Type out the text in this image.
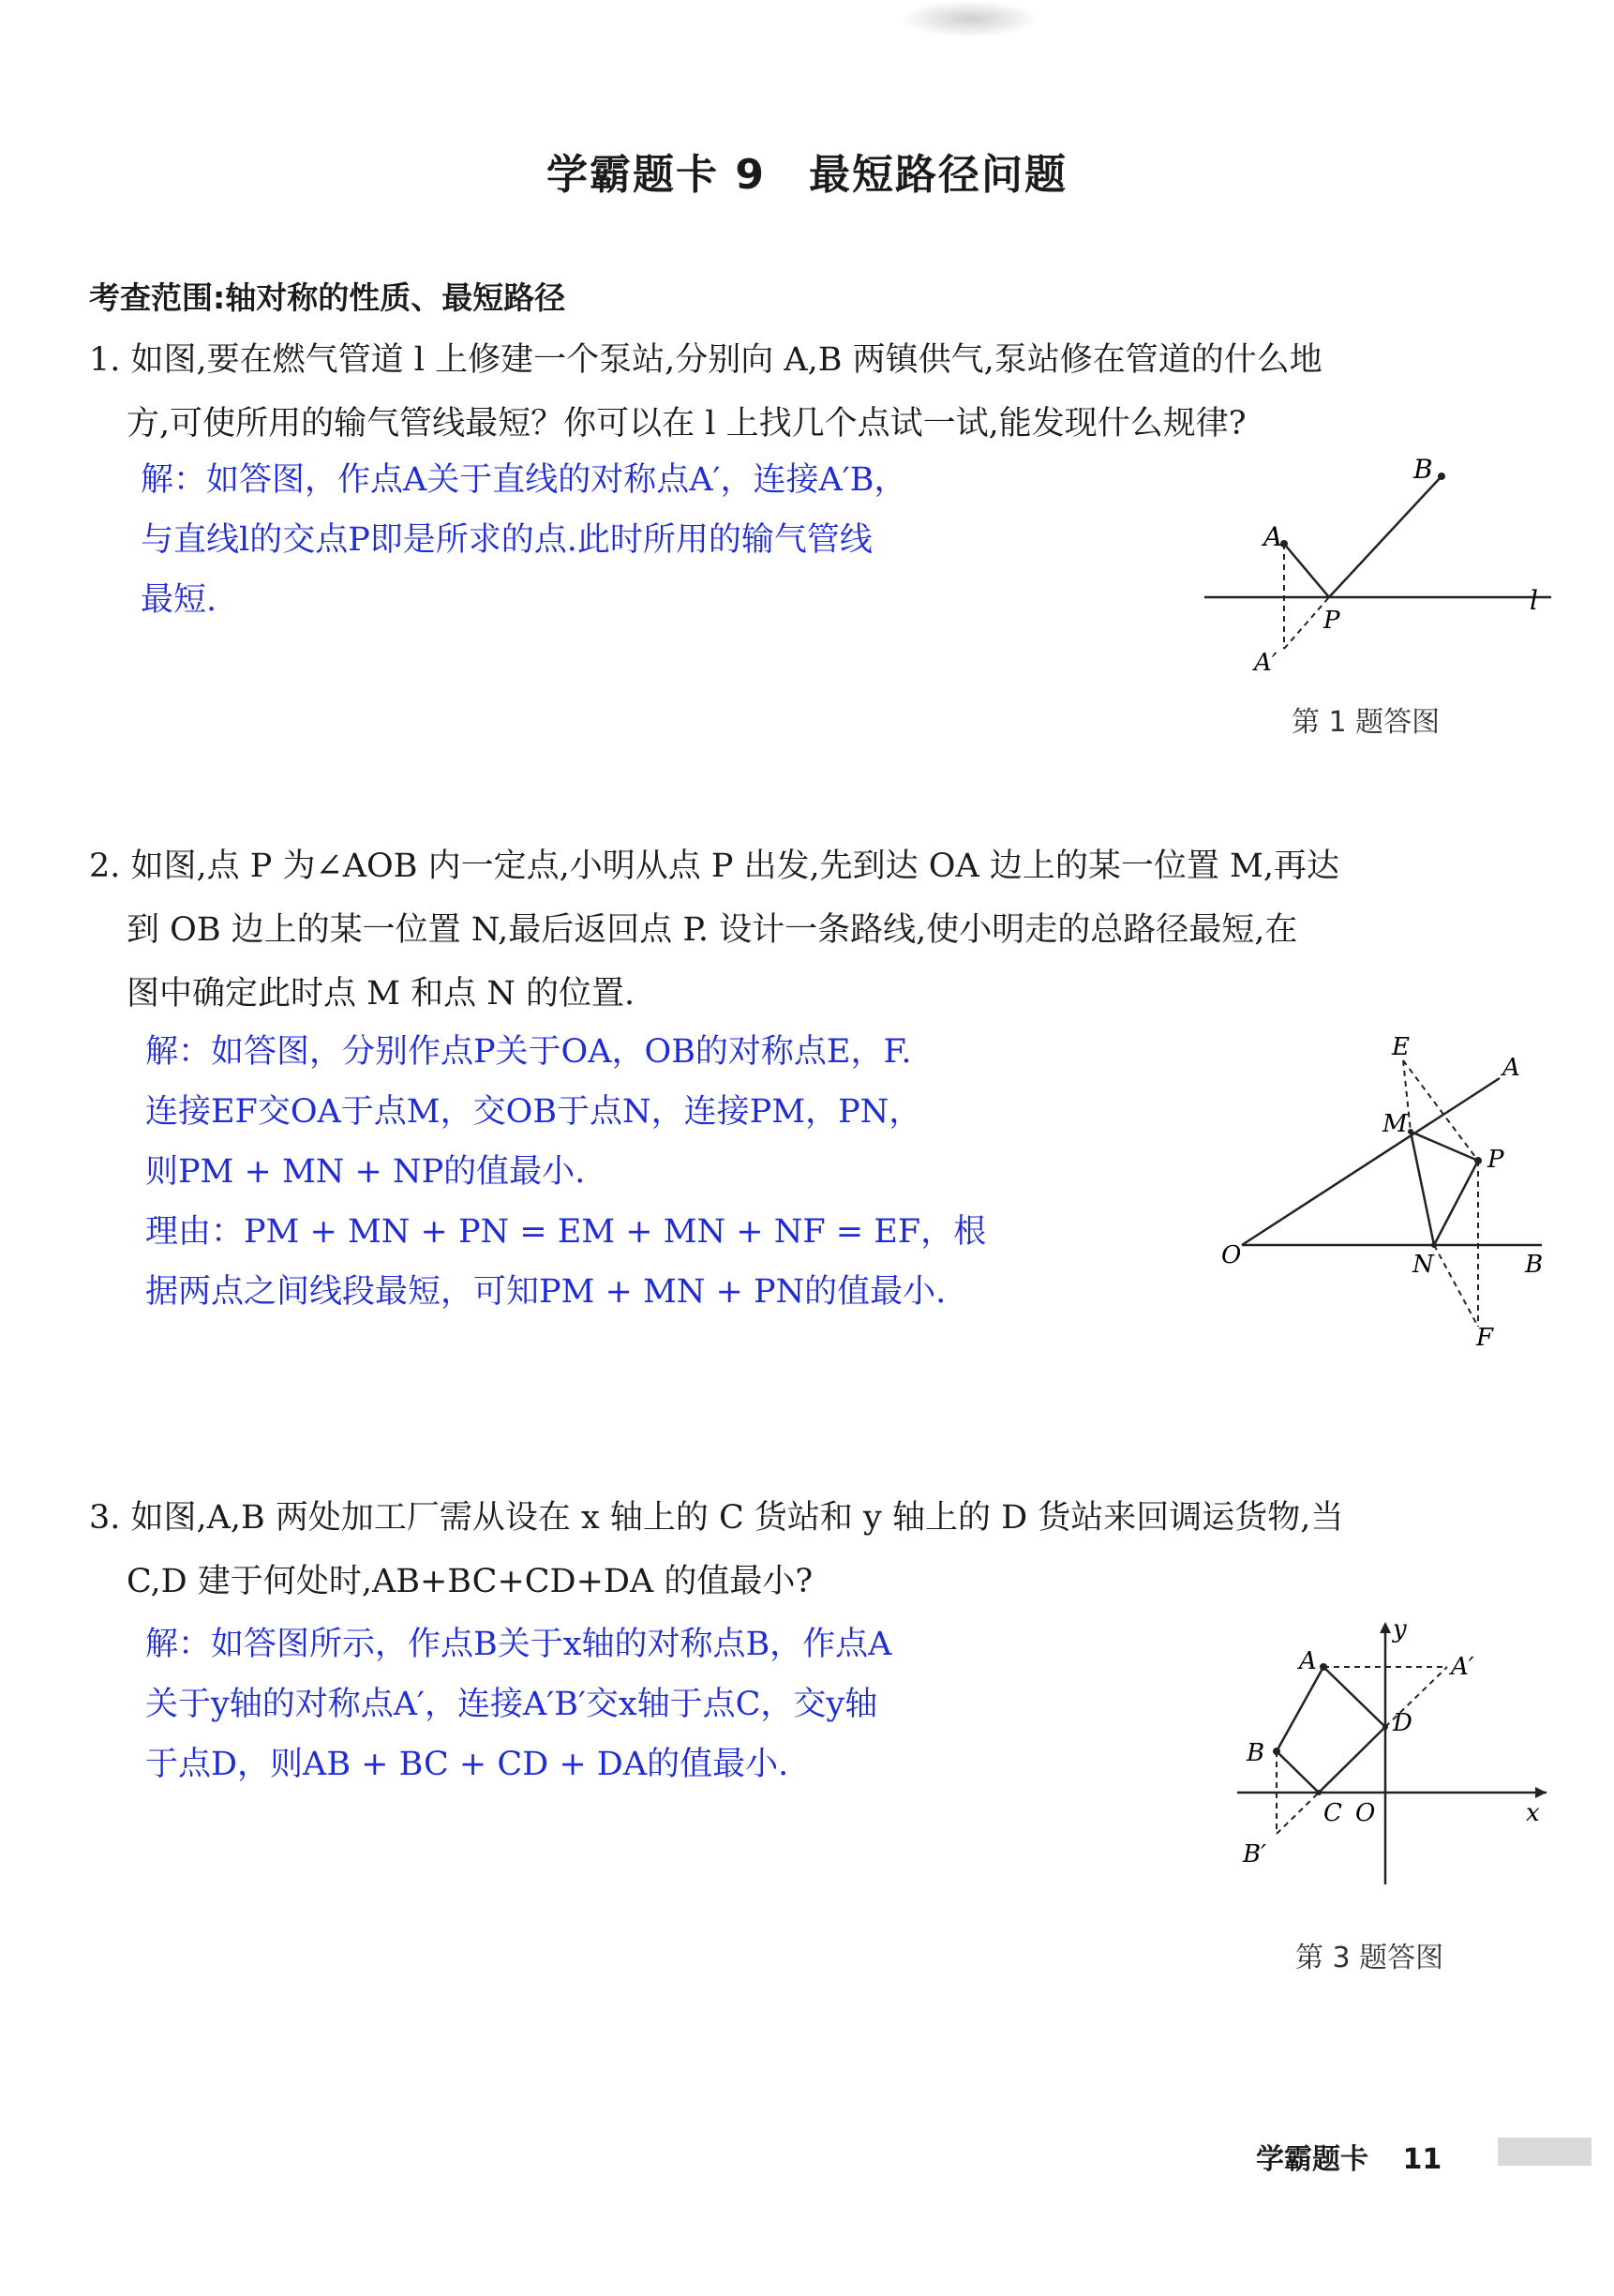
学霸题卡 9　最短路径问题
考查范围:轴对称的性质、最短路径
1. 如图,要在燃气管道 l 上修建一个泵站,分别向 A,B 两镇供气,泵站修在管道的什么地
方,可使所用的输气管线最短？你可以在 l 上找几个点试一试,能发现什么规律?
解：如答图，作点A关于直线的对称点A′，连接A′B，
与直线l的交点P即是所求的点.此时所用的输气管线
最短.
A
B
P
A′
l
第 1 题答图
2. 如图,点 P 为∠AOB 内一定点,小明从点 P 出发,先到达 OA 边上的某一位置 M,再达
到 OB 边上的某一位置 N,最后返回点 P. 设计一条路线,使小明走的总路径最短,在
图中确定此时点 M 和点 N 的位置.
解：如答图，分别作点P关于OA，OB的对称点E，F.
连接EF交OA于点M，交OB于点N，连接PM，PN，
则PM + MN + NP的值最小.
理由：PM + MN + PN = EM + MN + NF = EF，根
据两点之间线段最短，可知PM + MN + PN的值最小.
E
A
M
P
O	N	B
F
3. 如图,A,B 两处加工厂需从设在 x 轴上的 C 货站和 y 轴上的 D 货站来回调运货物,当
C,D 建于何处时,AB+BC+CD+DA 的值最小?
解：如答图所示，作点B关于x轴的对称点B，作点A
关于y轴的对称点A′，连接A′B′交x轴于点C，交y轴
于点D，则AB + BC + CD + DA的值最小.
A	A′
y
D
B
C O	x
B′
第 3 题答图
学霸题卡 11
